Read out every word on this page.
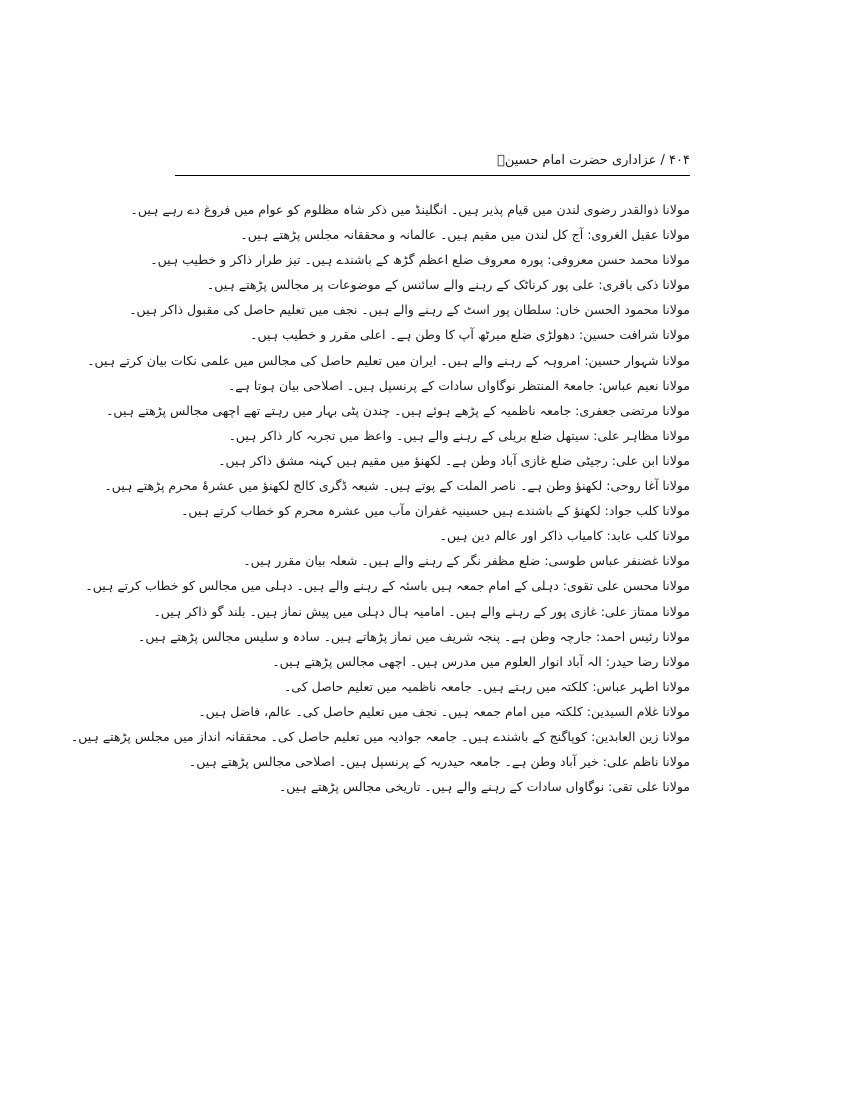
۴۰۴ / عزاداری حضرت امام حسینؑ
مولانا ذوالقدر رضوی لندن میں قیام پذیر ہیں۔ انگلینڈ میں ذکر شاہ مظلوم کو عوام میں فروغ دے رہے ہیں۔
مولانا عقیل الغروی: آج کل لندن میں مقیم ہیں۔ عالمانہ و محققانہ مجلس پڑھتے ہیں۔
مولانا محمد حسن معروفی: پورہ معروف ضلع اعظم گڑھ کے باشندے ہیں۔ تیز طرار ذاکر و خطیب ہیں۔
مولانا ذکی باقری: علی پور کرناٹک کے رہنے والے سائنس کے موضوعات پر مجالس پڑھتے ہیں۔
مولانا محمود الحسن خاں: سلطان پور اسٹ کے رہنے والے ہیں۔ نجف میں تعلیم حاصل کی مقبول ذاکر ہیں۔
مولانا شرافت حسین: دھولڑی ضلع میرٹھ آپ کا وطن ہے۔ اعلی مقرر و خطیب ہیں۔
مولانا شہوار حسین: امروہہ کے رہنے والے ہیں۔ ایران میں تعلیم حاصل کی مجالس میں علمی نکات بیان کرتے ہیں۔
مولانا نعیم عباس: جامعۃ المنتظر نوگاواں سادات کے پرنسپل ہیں۔ اصلاحی بیان ہوتا ہے۔
مولانا مرتضی جعفری: جامعہ ناظمیہ کے پڑھے ہوئے ہیں۔ چندن پٹی بہار میں رہتے تھے اچھی مجالس پڑھتے ہیں۔
مولانا مظاہر علی: سیتھل ضلع بریلی کے رہنے والے ہیں۔ واعظ میں تجربہ کار ذاکر ہیں۔
مولانا ابن علی: رجیٹی ضلع غازی آباد وطن ہے۔ لکھنؤ میں مقیم ہیں کہنہ مشق ذاکر ہیں۔
مولانا آغا روحی: لکھنؤ وطن ہے۔ ناصر الملت کے پوتے ہیں۔ شیعہ ڈگری کالج لکھنؤ میں عشرۂ محرم پڑھتے ہیں۔
مولانا کلب جواد: لکھنؤ کے باشندے ہیں حسینیہ غفران مآب میں عشرہ محرم کو خطاب کرتے ہیں۔
مولانا کلب عابد: کامیاب ذاکر اور عالم دین ہیں۔
مولانا غضنفر عباس طوسی: ضلع مظفر نگر کے رہنے والے ہیں۔ شعلہ بیان مقرر ہیں۔
مولانا محسن علی تقوی: دہلی کے امام جمعہ ہیں باسئہ کے رہنے والے ہیں۔ دہلی میں مجالس کو خطاب کرتے ہیں۔
مولانا ممتاز علی: غازی پور کے رہنے والے ہیں۔ امامیہ ہال دہلی میں پیش نماز ہیں۔ بلند گو ذاکر ہیں۔
مولانا رئیس احمد: جارچہ وطن ہے۔ پنجہ شریف میں نماز پڑھاتے ہیں۔ سادہ و سلیس مجالس پڑھتے ہیں۔
مولانا رضا حیدر: الہ آباد انوار العلوم میں مدرس ہیں۔ اچھی مجالس پڑھتے ہیں۔
مولانا اطہر عباس: کلکتہ میں رہتے ہیں۔ جامعہ ناظمیہ میں تعلیم حاصل کی۔
مولانا غلام السیدین: کلکتہ میں امام جمعہ ہیں۔ نجف میں تعلیم حاصل کی۔ عالم، فاضل ہیں۔
مولانا زین العابدین: کوپاگنج کے باشندے ہیں۔ جامعہ جوادیہ میں تعلیم حاصل کی۔ محققانہ انداز میں مجلس پڑھتے ہیں۔
مولانا ناظم علی: خیر آباد وطن ہے۔ جامعہ حیدریہ کے پرنسپل ہیں۔ اصلاحی مجالس پڑھتے ہیں۔
مولانا علی تقی: نوگاواں سادات کے رہنے والے ہیں۔ تاریخی مجالس پڑھتے ہیں۔
